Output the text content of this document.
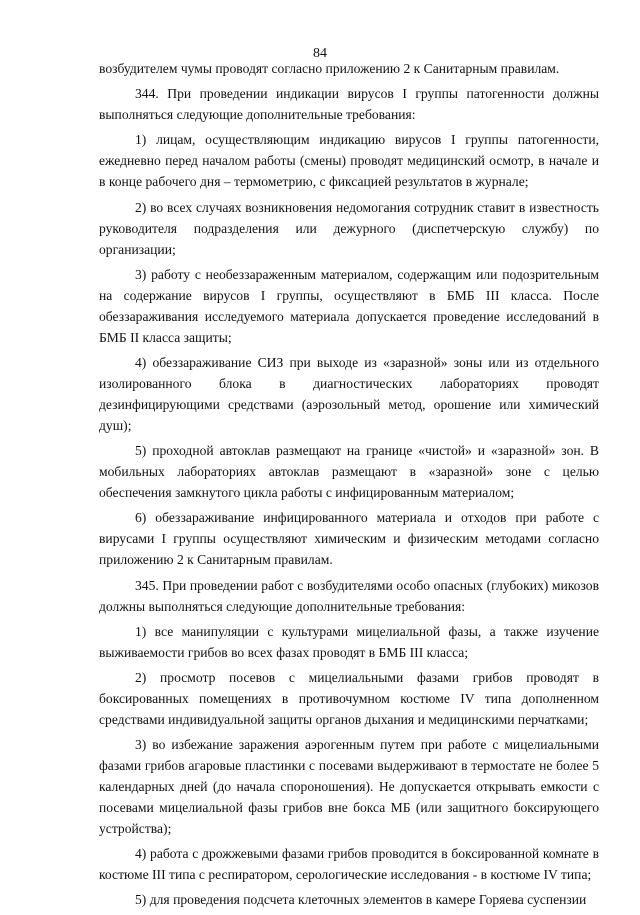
84

возбудителем чумы проводят согласно приложению 2 к Санитарным правилам.

344. При проведении индикации вирусов I группы патогенности должны выполняться следующие дополнительные требования:

1) лицам, осуществляющим индикацию вирусов I группы патогенности, ежедневно перед началом работы (смены) проводят медицинский осмотр, в начале и в конце рабочего дня – термометрию, с фиксацией результатов в журнале;

2) во всех случаях возникновения недомогания сотрудник ставит в известность руководителя подразделения или дежурного (диспетчерскую службу) по организации;

3) работу с необеззараженным материалом, содержащим или подозрительным на содержание вирусов I группы, осуществляют в БМБ III класса. После обеззараживания исследуемого материала допускается проведение исследований в БМБ II класса защиты;

4) обеззараживание СИЗ при выходе из «заразной» зоны или из отдельного изолированного блока в диагностических лабораториях проводят дезинфицирующими средствами (аэрозольный метод, орошение или химический душ);

5) проходной автоклав размещают на границе «чистой» и «заразной» зон. В мобильных лабораториях автоклав размещают в «заразной» зоне с целью обеспечения замкнутого цикла работы с инфицированным материалом;

6) обеззараживание инфицированного материала и отходов при работе с вирусами I группы осуществляют химическим и физическим методами согласно приложению 2 к Санитарным правилам.

345. При проведении работ с возбудителями особо опасных (глубоких) микозов должны выполняться следующие дополнительные требования:

1) все манипуляции с культурами мицелиальной фазы, а также изучение выживаемости грибов во всех фазах проводят в БМБ III класса;

2) просмотр посевов с мицелиальными фазами грибов проводят в боксированных помещениях в противочумном костюме IV типа дополненном средствами индивидуальной защиты органов дыхания и медицинскими перчатками;

3) во избежание заражения аэрогенным путем при работе с мицелиальными фазами грибов агаровые пластинки с посевами выдерживают в термостате не более 5 календарных дней (до начала спороношения). Не допускается открывать емкости с посевами мицелиальной фазы грибов вне бокса МБ (или защитного боксирующего устройства);

4) работа с дрожжевыми фазами грибов проводится в боксированной комнате в костюме III типа с респиратором, серологические исследования - в костюме IV типа;

5) для проведения подсчета клеточных элементов в камере Горяева суспензии
